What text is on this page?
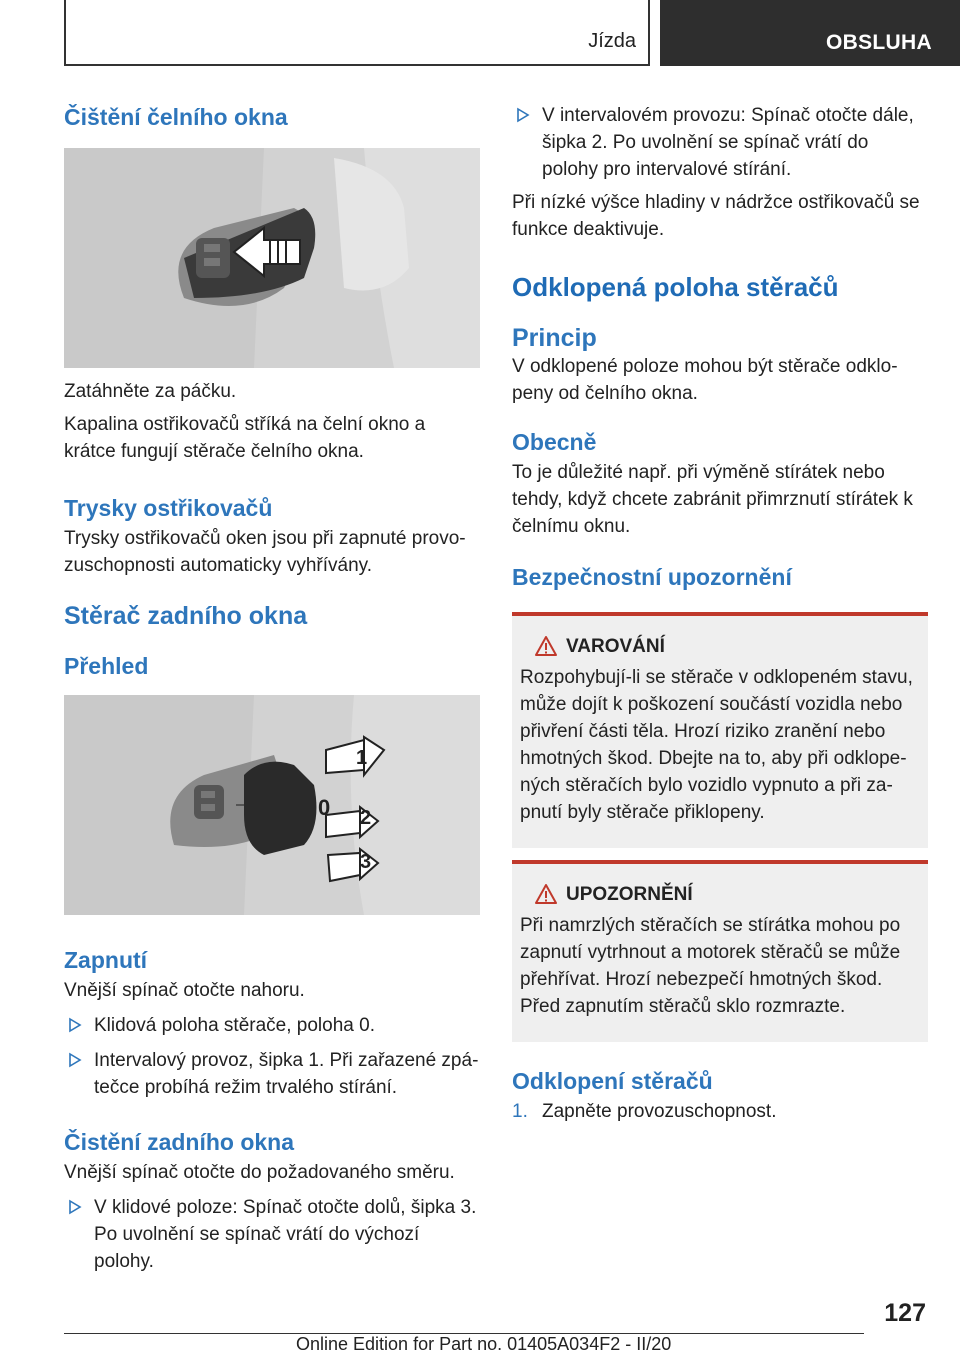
Jízda	OBSLUHA
Čištění čelního okna
Zatáhněte za páčku.
Kapalina ostřikovačů stříká na čelní okno a krátce fungují stěrače čelního okna.
Trysky ostřikovačů
Trysky ostřikovačů oken jsou při zapnuté provo-zuschopnosti automaticky vyhřívány.
Stěrač zadního okna
Přehled
1
0 2
3
Zapnutí
Vnější spínač otočte nahoru.
Klidová poloha stěrače, poloha 0.
Intervalový provoz, šipka 1. Při zařazené zpá-tečce probíhá režim trvalého stírání.
Čistění zadního okna
Vnější spínač otočte do požadovaného směru.
V klidové poloze: Spínač otočte dolů, šipka 3. Po uvolnění se spínač vrátí do výchozí polohy.
V intervalovém provozu: Spínač otočte dále, šipka 2. Po uvolnění se spínač vrátí do polohy pro intervalové stírání.
Při nízké výšce hladiny v nádržce ostřikovačů se funkce deaktivuje.
Odklopená poloha stěračů
Princip
V odklopené poloze mohou být stěrače odklo-peny od čelního okna.
Obecně
To je důležité např. při výměně stírátek nebo tehdy, když chcete zabránit přimrznutí stírátek k čelnímu oknu.
Bezpečnostní upozornění
VAROVÁNÍ
Rozpohybují-li se stěrače v odklopeném stavu, může dojít k poškození součástí vozidla nebo přivření části těla. Hrozí riziko zranění nebo hmotných škod. Dbejte na to, aby při odklope-ných stěračích bylo vozidlo vypnuto a při za-pnutí byly stěrače přiklopeny.
UPOZORNĚNÍ
Při namrzlých stěračích se stírátka mohou po zapnutí vytrhnout a motorek stěračů se může přehřívat. Hrozí nebezpečí hmotných škod. Před zapnutím stěračů sklo rozmrazte.
Odklopení stěračů
1. Zapněte provozuschopnost.
127
Online Edition for Part no. 01405A034F2 - II/20
